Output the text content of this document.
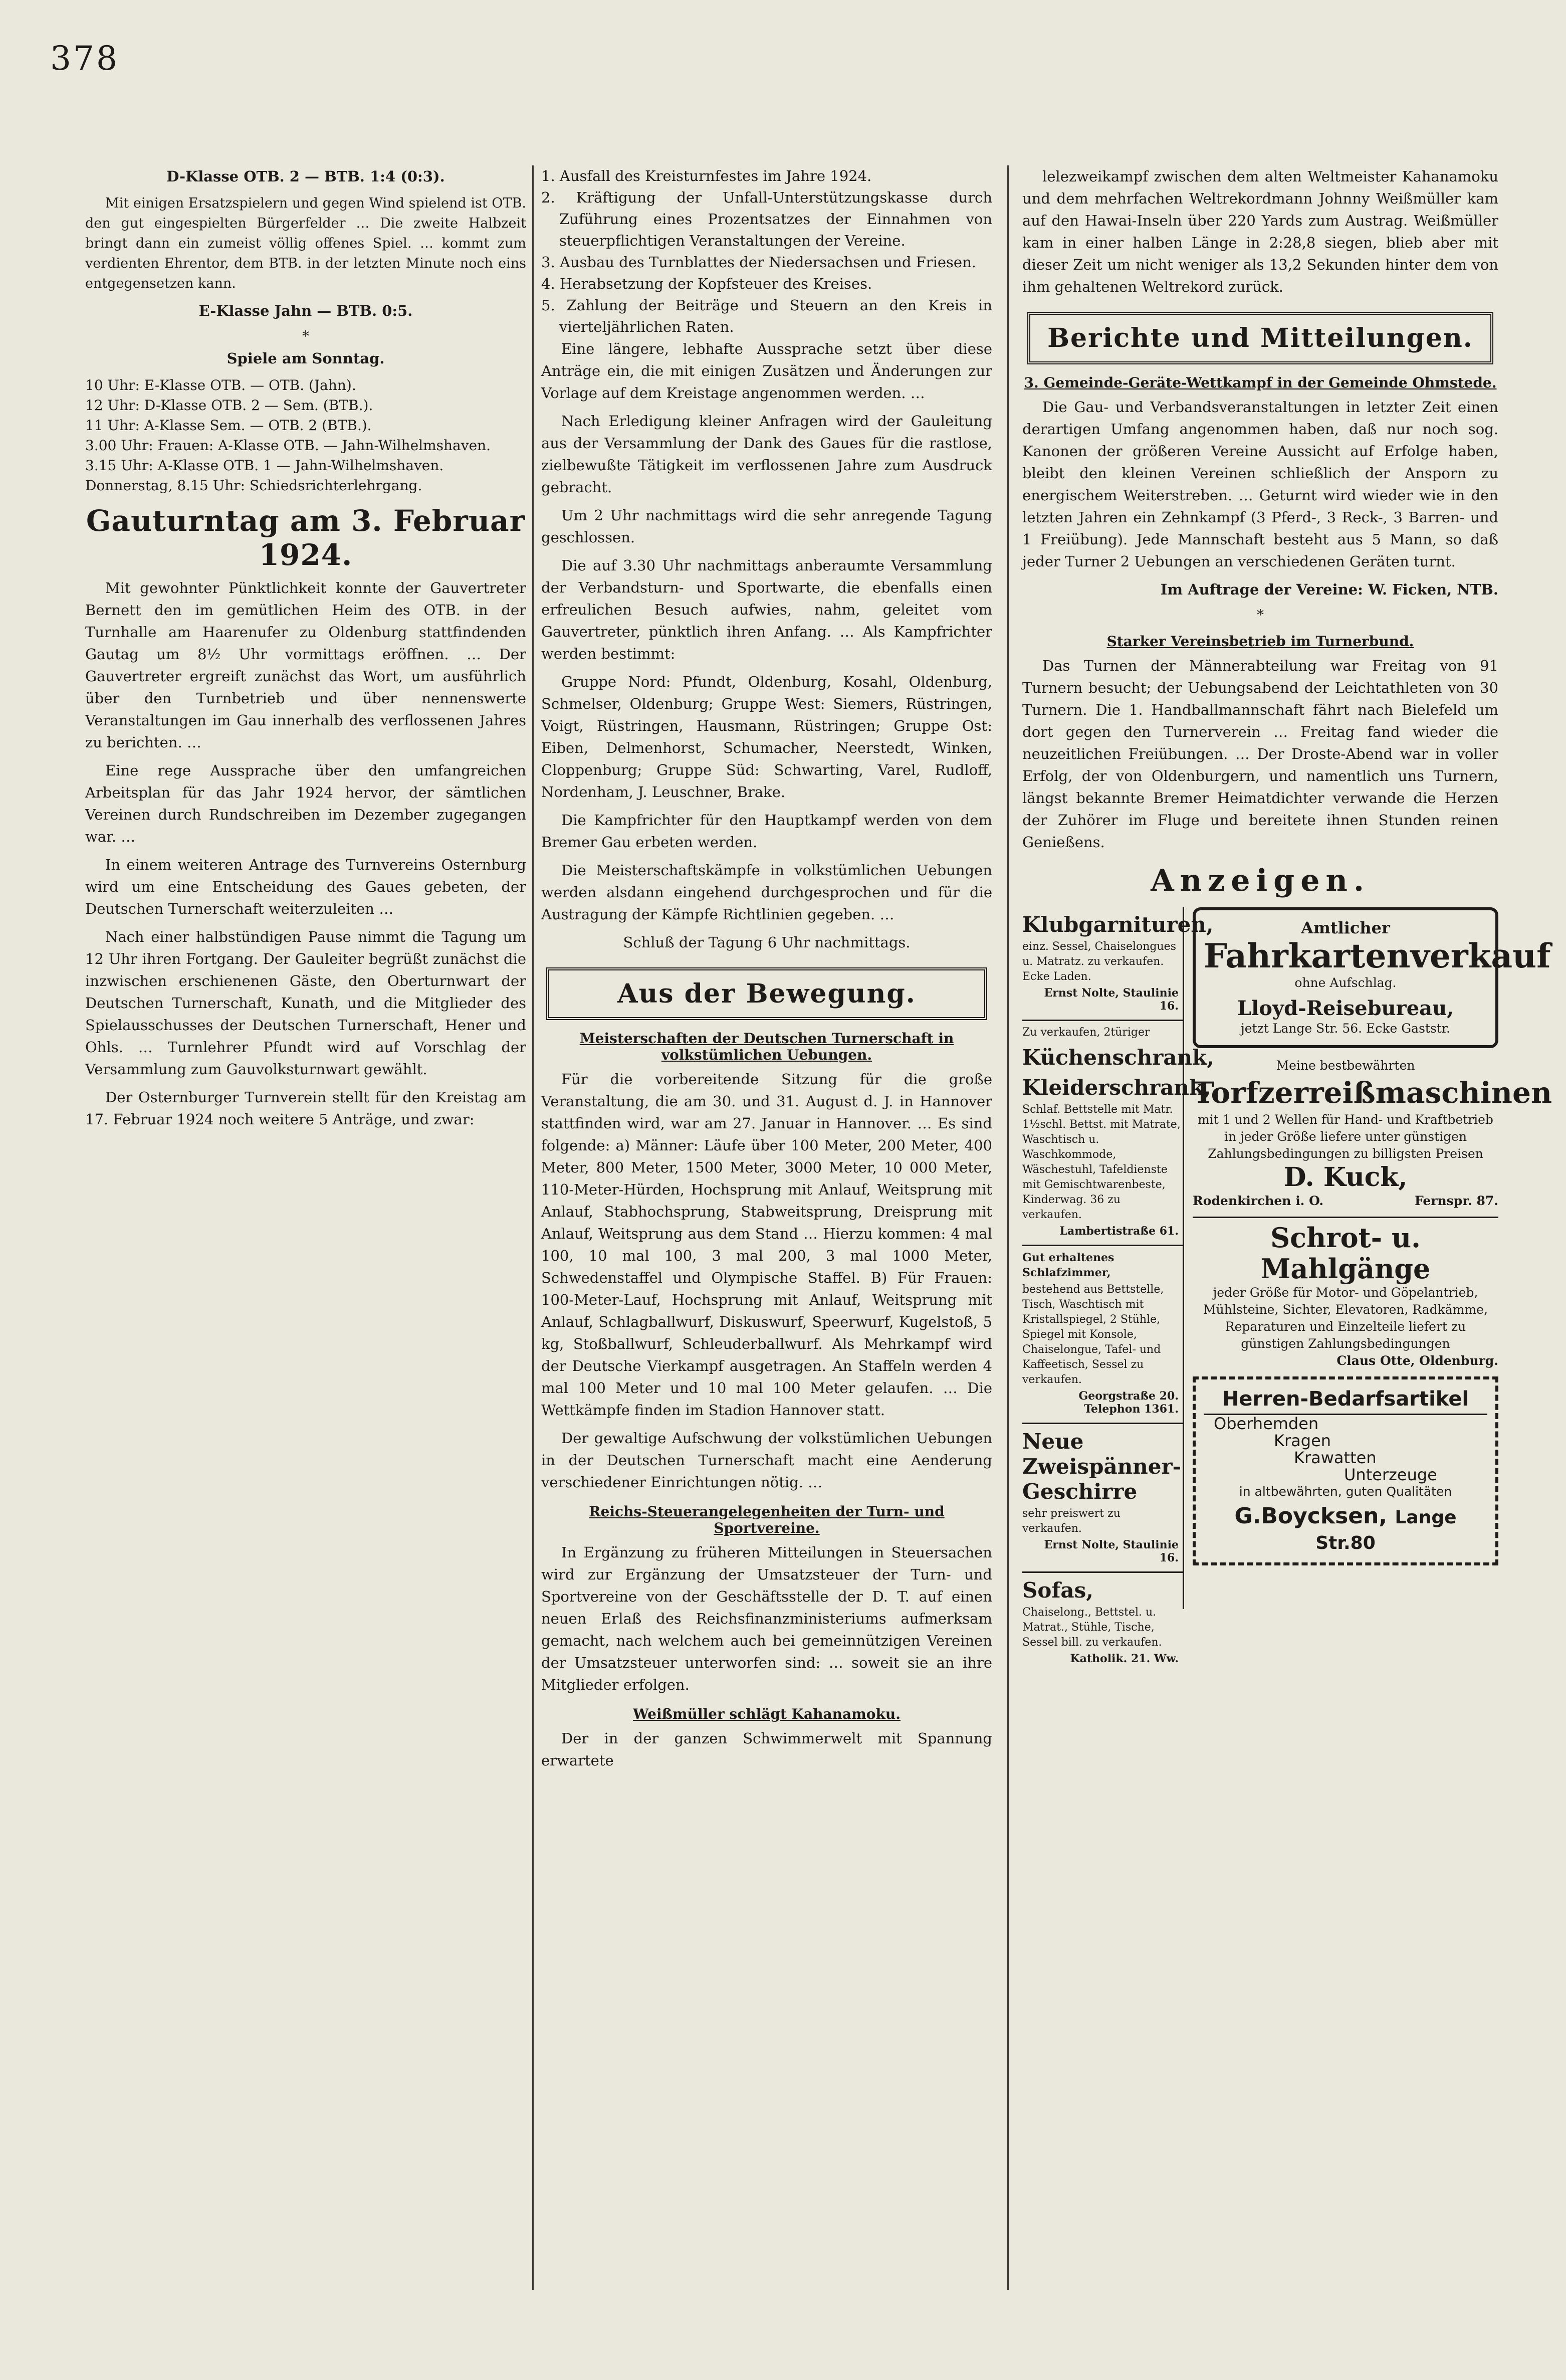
378

D-Klasse OTB. 2 — BTB. 1:4 (0:3).

Mit einigen Ersatzspielern und gegen Wind spielend ist OTB. den gut eingespielten Bürgerfelder … Die zweite Halbzeit bringt dann ein zumeist völlig offenes Spiel. … kommt zum verdienten Ehrentor, dem BTB. in der letzten Minute noch eins entgegensetzen kann.

E-Klasse Jahn — BTB. 0:5.

*

Spiele am Sonntag.

10 Uhr: E-Klasse OTB. — OTB. (Jahn).
12 Uhr: D-Klasse OTB. 2 — Sem. (BTB.).
11 Uhr: A-Klasse Sem. — OTB. 2 (BTB.).
3.00 Uhr: Frauen: A-Klasse OTB. — Jahn-Wilhelmshaven.
3.15 Uhr: A-Klasse OTB. 1 — Jahn-Wilhelmshaven.
Donnerstag, 8.15 Uhr: Schiedsrichterlehrgang.
Gauturntag am 3. Februar 1924.

Mit gewohnter Pünktlichkeit konnte der Gauvertreter Bernett den im gemütlichen Heim des OTB. in der Turnhalle am Haarenufer zu Oldenburg stattfindenden Gautag um 8½ Uhr vormittags eröffnen. … Der Gauvertreter ergreift zunächst das Wort, um ausführlich über den Turnbetrieb und über nennenswerte Veranstaltungen im Gau innerhalb des verflossenen Jahres zu berichten. …

Eine rege Aussprache über den umfangreichen Arbeitsplan für das Jahr 1924 hervor, der sämtlichen Vereinen durch Rundschreiben im Dezember zugegangen war. …

In einem weiteren Antrage des Turnvereins Osternburg wird um eine Entscheidung des Gaues gebeten, der Deutschen Turnerschaft weiterzuleiten …

Nach einer halbstündigen Pause nimmt die Tagung um 12 Uhr ihren Fortgang. Der Gauleiter begrüßt zunächst die inzwischen erschienenen Gäste, den Oberturnwart der Deutschen Turnerschaft, Kunath, und die Mitglieder des Spielausschusses der Deutschen Turnerschaft, Hener und Ohls. … Turnlehrer Pfundt wird auf Vorschlag der Versammlung zum Gauvolksturnwart gewählt.

Der Osternburger Turnverein stellt für den Kreistag am 17. Februar 1924 noch weitere 5 Anträge, und zwar:

1. Ausfall des Kreisturnfestes im Jahre 1924.

2. Kräftigung der Unfall-Unterstützungskasse durch Zuführung eines Prozentsatzes der Einnahmen von steuerpflichtigen Veranstaltungen der Vereine.

3. Ausbau des Turnblattes der Niedersachsen und Friesen.

4. Herabsetzung der Kopfsteuer des Kreises.

5. Zahlung der Beiträge und Steuern an den Kreis in vierteljährlichen Raten.

Eine längere, lebhafte Aussprache setzt über diese Anträge ein, die mit einigen Zusätzen und Änderungen zur Vorlage auf dem Kreistage angenommen werden. …

Nach Erledigung kleiner Anfragen wird der Gauleitung aus der Versammlung der Dank des Gaues für die rastlose, zielbewußte Tätigkeit im verflossenen Jahre zum Ausdruck gebracht.

Um 2 Uhr nachmittags wird die sehr anregende Tagung geschlossen.

Die auf 3.30 Uhr nachmittags anberaumte Versammlung der Verbandsturn- und Sportwarte, die ebenfalls einen erfreulichen Besuch aufwies, nahm, geleitet vom Gauvertreter, pünktlich ihren Anfang. … Als Kampfrichter werden bestimmt:

Gruppe Nord: Pfundt, Oldenburg, Kosahl, Oldenburg, Schmelser, Oldenburg; Gruppe West: Siemers, Rüstringen, Voigt, Rüstringen, Hausmann, Rüstringen; Gruppe Ost: Eiben, Delmenhorst, Schumacher, Neerstedt, Winken, Cloppenburg; Gruppe Süd: Schwarting, Varel, Rudloff, Nordenham, J. Leuschner, Brake.

Die Kampfrichter für den Hauptkampf werden von dem Bremer Gau erbeten werden.

Die Meisterschaftskämpfe in volkstümlichen Uebungen werden alsdann eingehend durchgesprochen und für die Austragung der Kämpfe Richtlinien gegeben. …

Schluß der Tagung 6 Uhr nachmittags.

Aus der Bewegung.
Meisterschaften der Deutschen Turnerschaft in volkstümlichen Uebungen.

Für die vorbereitende Sitzung für die große Veranstaltung, die am 30. und 31. August d. J. in Hannover stattfinden wird, war am 27. Januar in Hannover. … Es sind folgende: a) Männer: Läufe über 100 Meter, 200 Meter, 400 Meter, 800 Meter, 1500 Meter, 3000 Meter, 10 000 Meter, 110-Meter-Hürden, Hochsprung mit Anlauf, Weitsprung mit Anlauf, Stabhochsprung, Stabweitsprung, Dreisprung mit Anlauf, Weitsprung aus dem Stand … Hierzu kommen: 4 mal 100, 10 mal 100, 3 mal 200, 3 mal 1000 Meter, Schwedenstaffel und Olympische Staffel. B) Für Frauen: 100-Meter-Lauf, Hochsprung mit Anlauf, Weitsprung mit Anlauf, Schlagballwurf, Diskuswurf, Speerwurf, Kugelstoß, 5 kg, Stoßballwurf, Schleuderballwurf. Als Mehrkampf wird der Deutsche Vierkampf ausgetragen. An Staffeln werden 4 mal 100 Meter und 10 mal 100 Meter gelaufen. … Die Wettkämpfe finden im Stadion Hannover statt.

Der gewaltige Aufschwung der volkstümlichen Uebungen in der Deutschen Turnerschaft macht eine Aenderung verschiedener Einrichtungen nötig. …

Reichs-Steuerangelegenheiten der Turn- und Sportvereine.

In Ergänzung zu früheren Mitteilungen in Steuersachen wird zur Ergänzung der Umsatzsteuer der Turn- und Sportvereine von der Geschäftsstelle der D. T. auf einen neuen Erlaß des Reichsfinanzministeriums aufmerksam gemacht, nach welchem auch bei gemeinnützigen Vereinen der Umsatzsteuer unterworfen sind: … soweit sie an ihre Mitglieder erfolgen.

Weißmüller schlägt Kahanamoku.

Der in der ganzen Schwimmerwelt mit Spannung erwartete

lelezweikampf zwischen dem alten Weltmeister Kahanamoku und dem mehrfachen Weltrekordmann Johnny Weißmüller kam auf den Hawai-Inseln über 220 Yards zum Austrag. Weißmüller kam in einer halben Länge in 2:28,8 siegen, blieb aber mit dieser Zeit um nicht weniger als 13,2 Sekunden hinter dem von ihm gehaltenen Weltrekord zurück.

Berichte und Mitteilungen.
3. Gemeinde-Geräte-Wettkampf in der Gemeinde Ohmstede.

Die Gau- und Verbandsveranstaltungen in letzter Zeit einen derartigen Umfang angenommen haben, daß nur noch sog. Kanonen der größeren Vereine Aussicht auf Erfolge haben, bleibt den kleinen Vereinen schließlich der Ansporn zu energischem Weiterstreben. … Geturnt wird wieder wie in den letzten Jahren ein Zehnkampf (3 Pferd-, 3 Reck-, 3 Barren- und 1 Freiübung). Jede Mannschaft besteht aus 5 Mann, so daß jeder Turner 2 Uebungen an verschiedenen Geräten turnt.

Im Auftrage der Vereine: W. Ficken, NTB.

*
Starker Vereinsbetrieb im Turnerbund.

Das Turnen der Männerabteilung war Freitag von 91 Turnern besucht; der Uebungsabend der Leichtathleten von 30 Turnern. Die 1. Handballmannschaft fährt nach Bielefeld um dort gegen den Turnerverein … Freitag fand wieder die neuzeitlichen Freiübungen. … Der Droste-Abend war in voller Erfolg, der von Oldenburgern, und namentlich uns Turnern, längst bekannte Bremer Heimatdichter verwande die Herzen der Zuhörer im Fluge und bereitete ihnen Stunden reinen Genießens.

Anzeigen.
Klubgarnituren,

einz. Sessel, Chaiselongues u. Matratz. zu verkaufen. Ecke Laden.

Ernst Nolte, Staulinie 16.

Zu verkaufen, 2türiger

Küchenschrank,
Kleiderschrank,

Schlaf. Bettstelle mit Matr. 1½schl. Bettst. mit Matrate, Waschtisch u. Waschkommode, Wäschestuhl, Tafeldienste mit Gemischtwarenbeste, Kinderwag. 36 zu verkaufen.

Lambertistraße 61.

Gut erhaltenes Schlafzimmer,

bestehend aus Bettstelle, Tisch, Waschtisch mit Kristallspiegel, 2 Stühle, Spiegel mit Konsole, Chaiselongue, Tafel- und Kaffeetisch, Sessel zu verkaufen.

Georgstraße 20. Telephon 1361.
Neue Zweispänner-Geschirre

sehr preiswert zu verkaufen.

Ernst Nolte, Staulinie 16.
Sofas,

Chaiselong., Bettstel. u. Matrat., Stühle, Tische, Sessel bill. zu verkaufen.

Katholik. 21. Ww.
Amtlicher
Fahrkartenverkauf
ohne Aufschlag.
Lloyd-Reisebureau,
jetzt Lange Str. 56. Ecke Gaststr.
Meine bestbewährten
Torfzerreißmaschinen
mit 1 und 2 Wellen für Hand- und Kraftbetrieb in jeder Größe liefere unter günstigen Zahlungsbedingungen zu billigsten Preisen
D. Kuck,
Rodenkirchen i. O.	Fernspr. 87.
Schrot- u. Mahlgänge
jeder Größe für Motor- und Göpelantrieb, Mühlsteine, Sichter, Elevatoren, Radkämme, Reparaturen und Einzelteile liefert zu günstigen Zahlungsbedingungen
Claus Otte, Oldenburg.
Herren-Bedarfsartikel
Oberhemden
Kragen
Krawatten
Unterzeuge
in altbewährten, guten Qualitäten
G.Boycksen, Lange Str.80
